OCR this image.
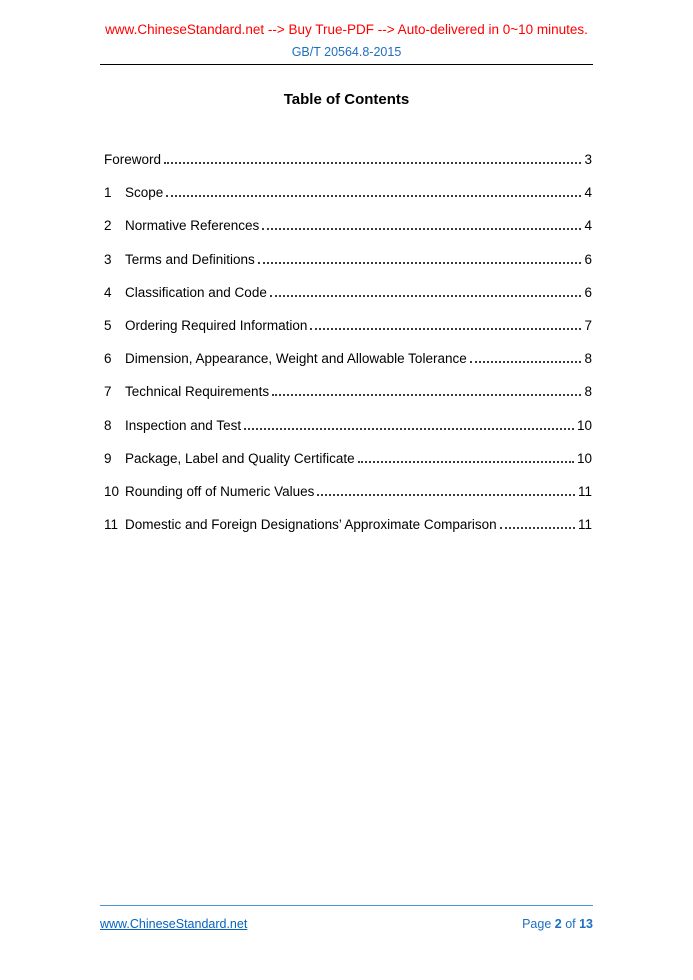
www.ChineseStandard.net --> Buy True-PDF --> Auto-delivered in 0~10 minutes.
GB/T 20564.8-2015
Table of Contents
Foreword	3
1 Scope	4
2 Normative References	4
3 Terms and Definitions	6
4 Classification and Code	6
5 Ordering Required Information	7
6 Dimension, Appearance, Weight and Allowable Tolerance	8
7 Technical Requirements	8
8 Inspection and Test	10
9 Package, Label and Quality Certificate	10
10 Rounding off of Numeric Values	11
11 Domestic and Foreign Designations’ Approximate Comparison	11
www.ChineseStandard.net	Page 2 of 13
